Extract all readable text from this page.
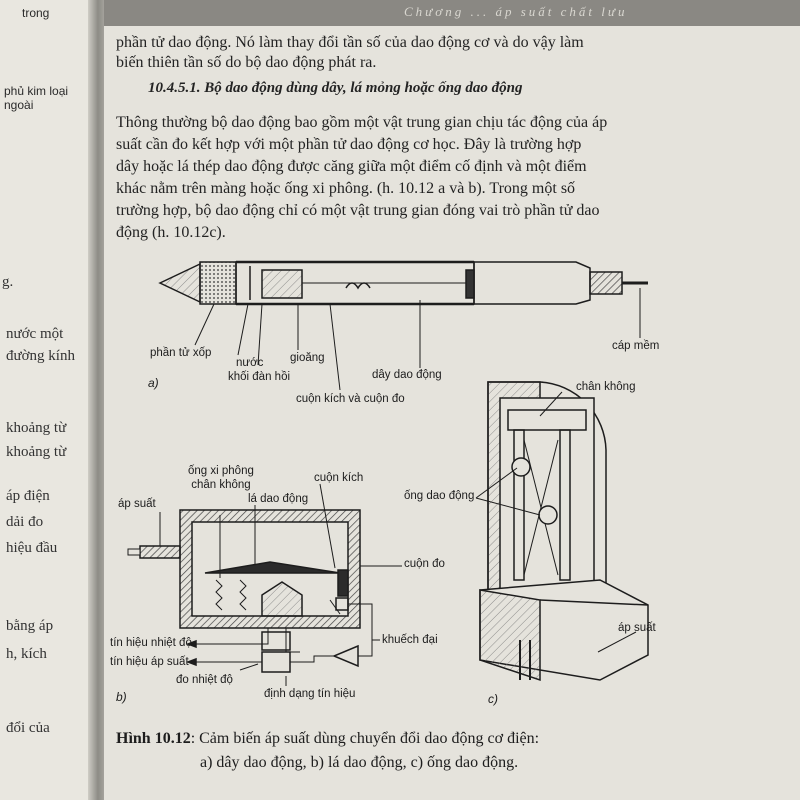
trong
phủ kim loại
ngoài
g.
nước một
đường kính
khoảng từ
khoảng từ
áp điện
dải đo
hiệu đầu
bằng áp
h, kích
đổi của
Chương ... áp suất chất lưu
phần tử dao động. Nó làm thay đổi tần số của dao động cơ và do vậy làm
biến thiên tần số do bộ dao động phát ra.
10.4.5.1. Bộ dao động dùng dây, lá mỏng hoặc ống dao động
Thông thường bộ dao động bao gồm một vật trung gian chịu tác động của áp
suất cần đo kết hợp với một phần tử dao động cơ học. Đây là trường hợp
dây hoặc lá thép dao động được căng giữa một điểm cố định và một điểm
khác nằm trên màng hoặc ống xi phông. (h. 10.12 a và b). Trong một số
trường hợp, bộ dao động chỉ có một vật trung gian đóng vai trò phần tử dao
động (h. 10.12c).
phần tử xốp
nước
khối đàn hồi
gioăng
dây dao động
cuộn kích và cuộn đo
cáp mềm
a)
áp suất
ống xi phông
chân không
lá dao động
cuộn kích
cuộn đo
tín hiệu nhiệt độ
tín hiệu áp suất
đo nhiệt độ
khuếch đại
định dạng tín hiệu
b)
chân không
ống dao động
áp suất
c)
Hình 10.12: Cảm biến áp suất dùng chuyển đổi dao động cơ điện:
a) dây dao động, b) lá dao động, c) ống dao động.
